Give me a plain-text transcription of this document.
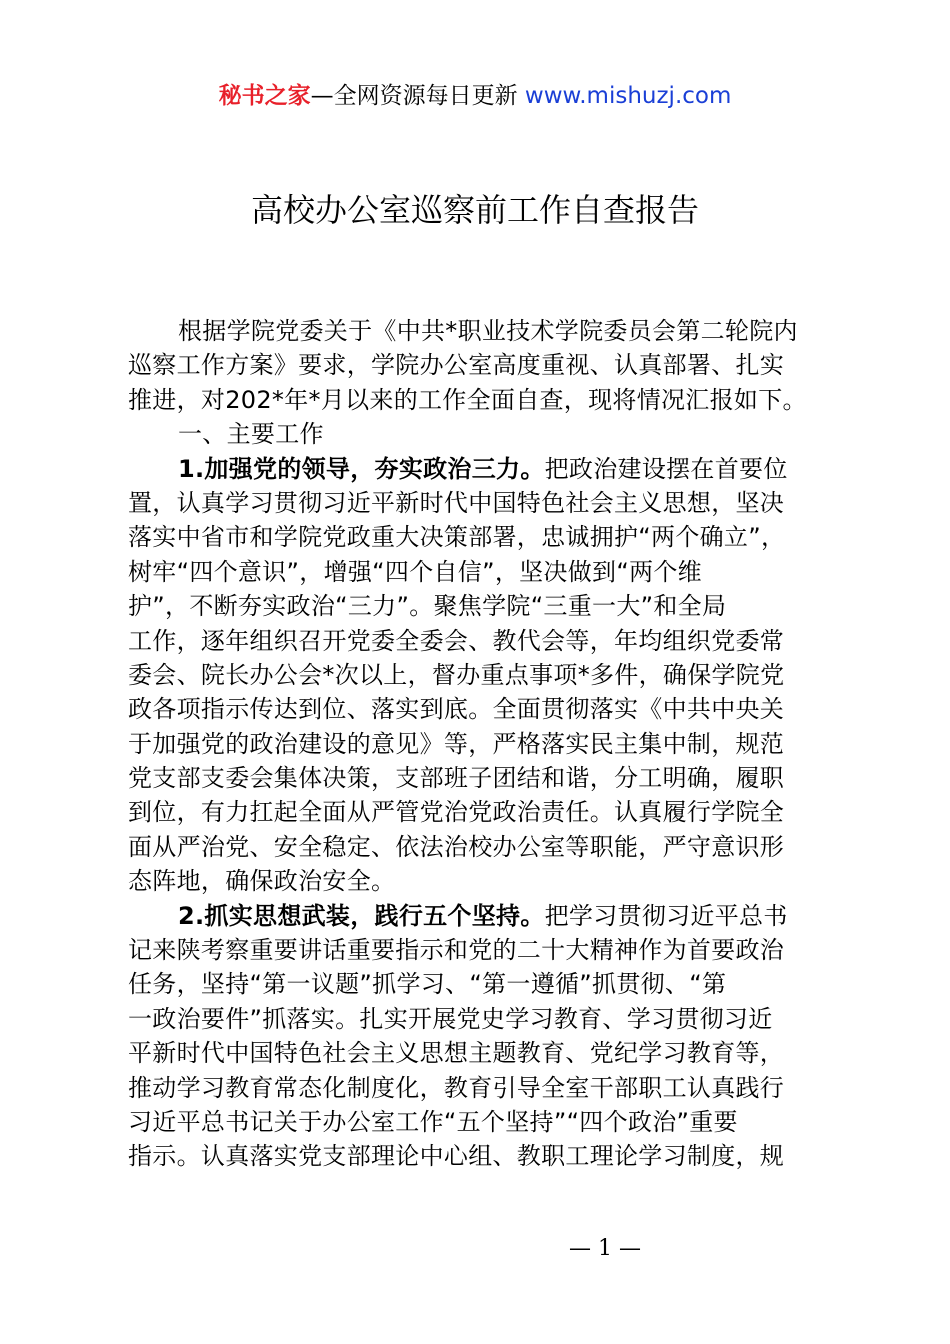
秘书之家—全网资源每日更新 www.mishuzj.com
高校办公室巡察前工作自查报告
根据学院党委关于《中共*职业技术学院委员会第二轮院内
巡察工作方案》要求，学院办公室高度重视、认真部署、扎实
推进，对202*年*月以来的工作全面自查，现将情况汇报如下。
一、主要工作
1.加强党的领导，夯实政治三力。把政治建设摆在首要位
置，认真学习贯彻习近平新时代中国特色社会主义思想，坚决
落实中省市和学院党政重大决策部署，忠诚拥护“两个确立”，
树牢“四个意识”，增强“四个自信”，坚决做到“两个维
护”，不断夯实政治“三力”。聚焦学院“三重一大”和全局
工作，逐年组织召开党委全委会、教代会等，年均组织党委常
委会、院长办公会*次以上，督办重点事项*多件，确保学院党
政各项指示传达到位、落实到底。全面贯彻落实《中共中央关
于加强党的政治建设的意见》等，严格落实民主集中制，规范
党支部支委会集体决策，支部班子团结和谐，分工明确，履职
到位，有力扛起全面从严管党治党政治责任。认真履行学院全
面从严治党、安全稳定、依法治校办公室等职能，严守意识形
态阵地，确保政治安全。
2.抓实思想武装，践行五个坚持。把学习贯彻习近平总书
记来陕考察重要讲话重要指示和党的二十大精神作为首要政治
任务，坚持“第一议题”抓学习、“第一遵循”抓贯彻、“第
一政治要件”抓落实。扎实开展党史学习教育、学习贯彻习近
平新时代中国特色社会主义思想主题教育、党纪学习教育等，
推动学习教育常态化制度化，教育引导全室干部职工认真践行
习近平总书记关于办公室工作“五个坚持”“四个政治”重要
指示。认真落实党支部理论中心组、教职工理论学习制度，规
— 1 —
